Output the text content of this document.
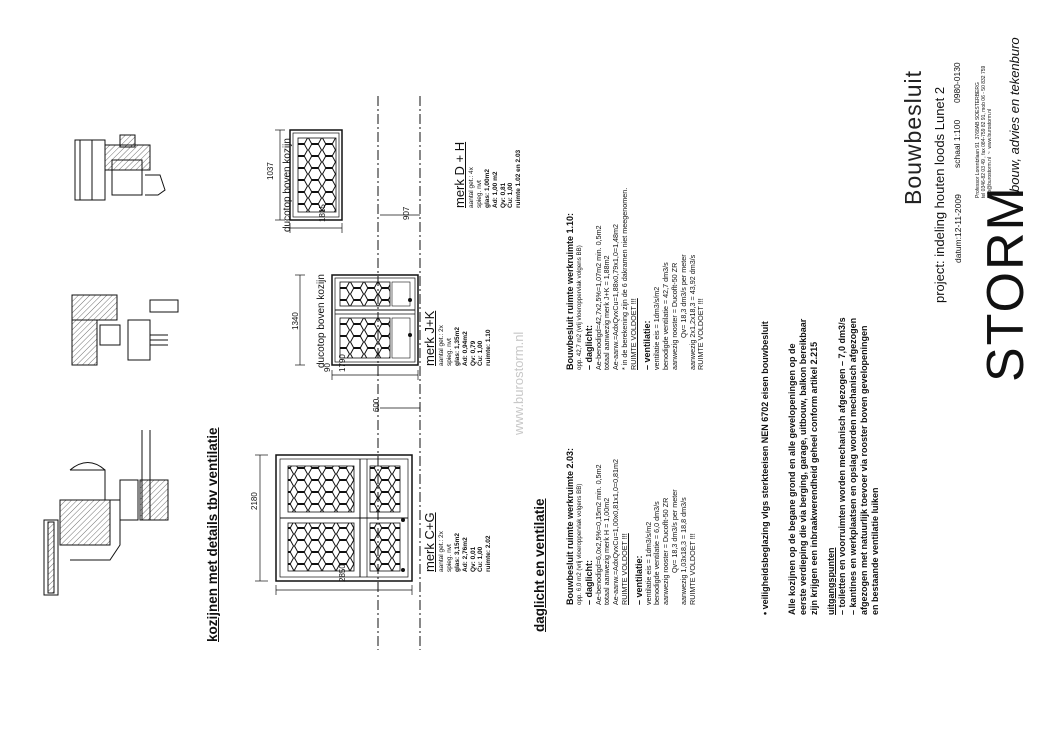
kozijnen met details tbv ventilatie
www.burostorm.nl
2850
2180
600
90 1790
1340
907
1815
1037
ducotop boven kozijn
ducotop boven kozijn
merk C+G aantal get.: 2x spieg. nvt glas: 3,15m2 Ad: 2,76m2 Qv: 0,01 Cu: 1,00 ruimte: 2.02
merk J+K aantal get.: 2x spieg. nvt glas: 1,35m2 Ad: 0,94m2 Qv: 0,79 Cu: 1,00 ruimte: 1.10
merk D + H aantal get.: 4x spieg. nvt glas: 1,00m2 Ad: 1,00 m2 Qv: 0,81 Cu: 1,00 ruimte 1.02 en 2.03
daglicht en ventilatie Bouwbesluit ruimte werkruimte 2.03: opp. 6,0 m2 (vrij vloeroppervlak volgens BB) – daglicht: Ae-benodigd=6,0x2,5%=0,15m2 min. 0,5m2 totaal aanwezig merk H = 1,00m2 Ae-aanw.=AdxQvxCu=1,00x0,81x1,0=0,81m2 RUIMTE VOLDOET !!! – ventilatie: ventilatie eis = 1dm3/s/m2 benodigde ventilatie = 6,0 dm3/s aanwezig rooster = Ducoflt-50 ZR Qv= 18,3 dm3/s per meter aanwezig 1,03x18,3 = 18,8 dm3/s RUIMTE VOLDOET !!!
Bouwbesluit ruimte werkruimte 1.10: opp. 42,7 m2 (vrij vloeroppervlak volgens BB) – daglicht: Ae-benodigd=42,7x2,5%=1,07m2 min. 0,5m2 totaal aanwezig merk J+K = 1,88m2 Ae-aanw.=AdxQvxCu=1,88x0,79x1,0=1,48m2 * in de berekening zijn de 6 dakramen niet meegenomen. RUIMTE VOLDOET !!! – ventilatie: ventilatie eis = 1dm3/s/m2 benodigde ventilatie = 42,7 dm3/s aanwezig rooster = Ducoflt-50 ZR Qv= 18,3 dm3/s per meter aanwezig 2x1,2x18,3 = 43,92 dm3/s RUIMTE VOLDOET !!!	• veiligheidsbeglazing vlgs sterkteeisen NEN 6702 eisen bouwbesluit Alle kozijnen op de begane grond en alle gevelopeningen op de eerste verdieping die via berging, garage, uitbouw, balkon bereikbaar zijn krijgen een inbraakwerendheid geheel conform artikel 2.215 uitgangspunten – toiletten en voorruimten worden mechanisch afgezogen – 7,0 dm3/s – kantines en werkplaatsen en opslag worden mechanisch afgezogen afgezogen met natuurlijk toevoer via rooster boven gevelopeningen en bestaande ventilatie luiken
Bouwbesluit project: indeling houten loods Lunet 2 datum:12-11-2009
schaal 1:100
0980-0130	Professor Lorentzlaan 91  3768AB SOESTERBERG tel 0346-82 03 49 , fax 084-759 82 91, mob 06 - 50 832 759 info@burostorm.nl  ~  www.burostorm.nl
STORM
bouw, advies en tekenburo
